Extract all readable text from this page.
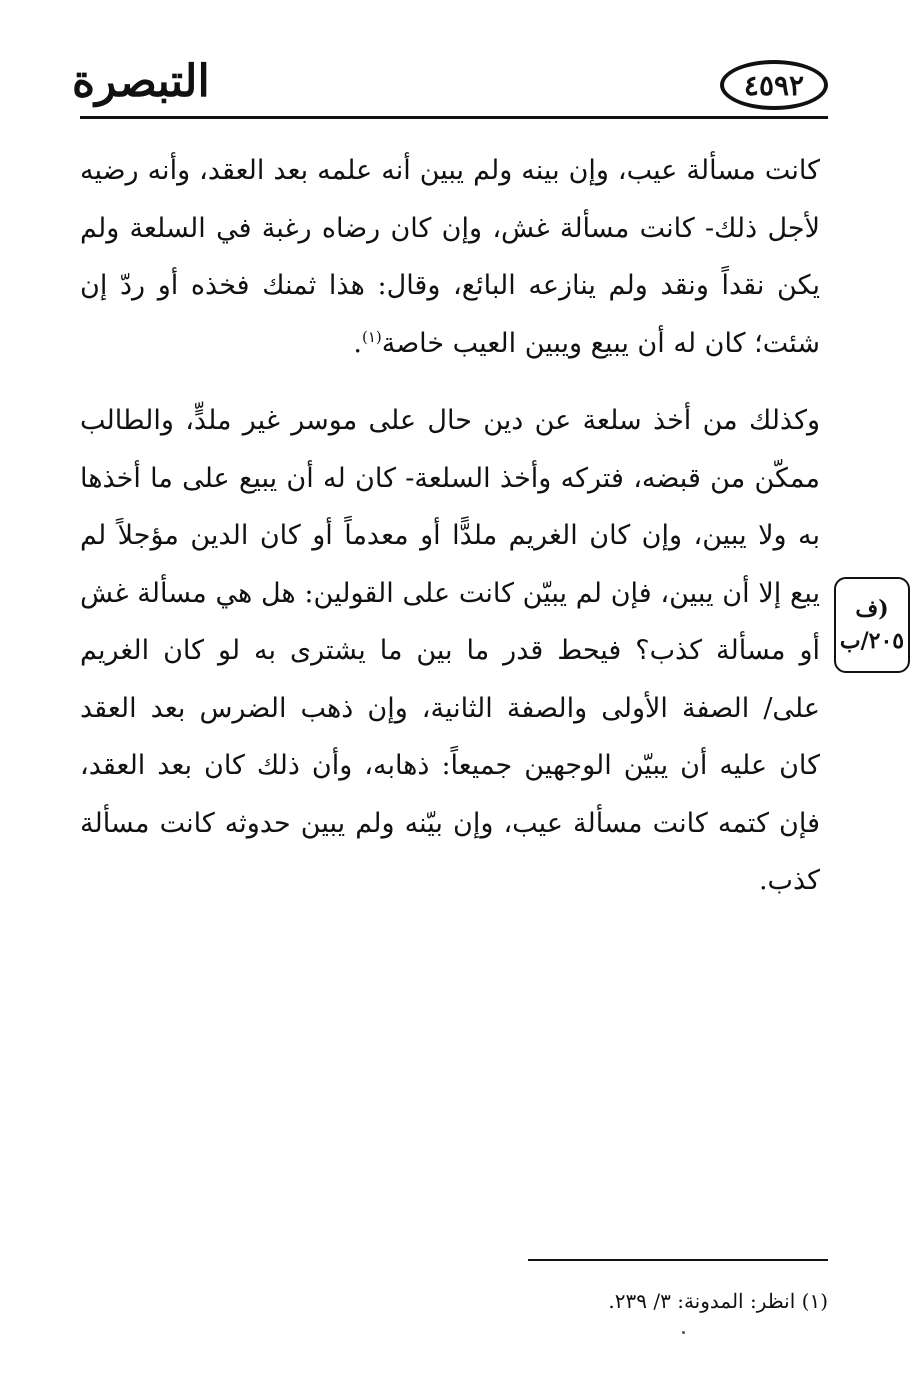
التبصرة	٤٥٩٢

كانت مسألة عيب، وإن بينه ولم يبين أنه علمه بعد العقد، وأنه رضيه لأجل ذلك- كانت مسألة غش، وإن كان رضاه رغبة في السلعة ولم يكن نقداً ونقد ولم ينازعه البائع، وقال: هذا ثمنك فخذه أو ردّ إن شئت؛ كان له أن يبيع ويبين العيب خاصة$^{(١)}$.

وكذلك من أخذ سلعة عن دين حال على موسر غير ملدٍّ، والطالب ممكّن من قبضه، فتركه وأخذ السلعة- كان له أن يبيع على ما أخذها به ولا يبين، وإن كان الغريم ملدًّا أو معدماً أو كان الدين مؤجلاً لم يبع إلا أن يبين، فإن لم يبيّن كانت على القولين: هل هي مسألة غش أو مسألة كذب؟ فيحط قدر ما بين ما يشترى به لو كان الغريم على/ الصفة الأولى والصفة الثانية، وإن ذهب الضرس بعد العقد كان عليه أن يبيّن الوجهين جميعاً: ذهابه، وأن ذلك كان بعد العقد، فإن كتمه كانت مسألة عيب، وإن بيّنه ولم يبين حدوثه كانت مسألة كذب.

(ف
٢٠٥/ب
(١) انظر: المدونة: ٣/ ٢٣٩.
